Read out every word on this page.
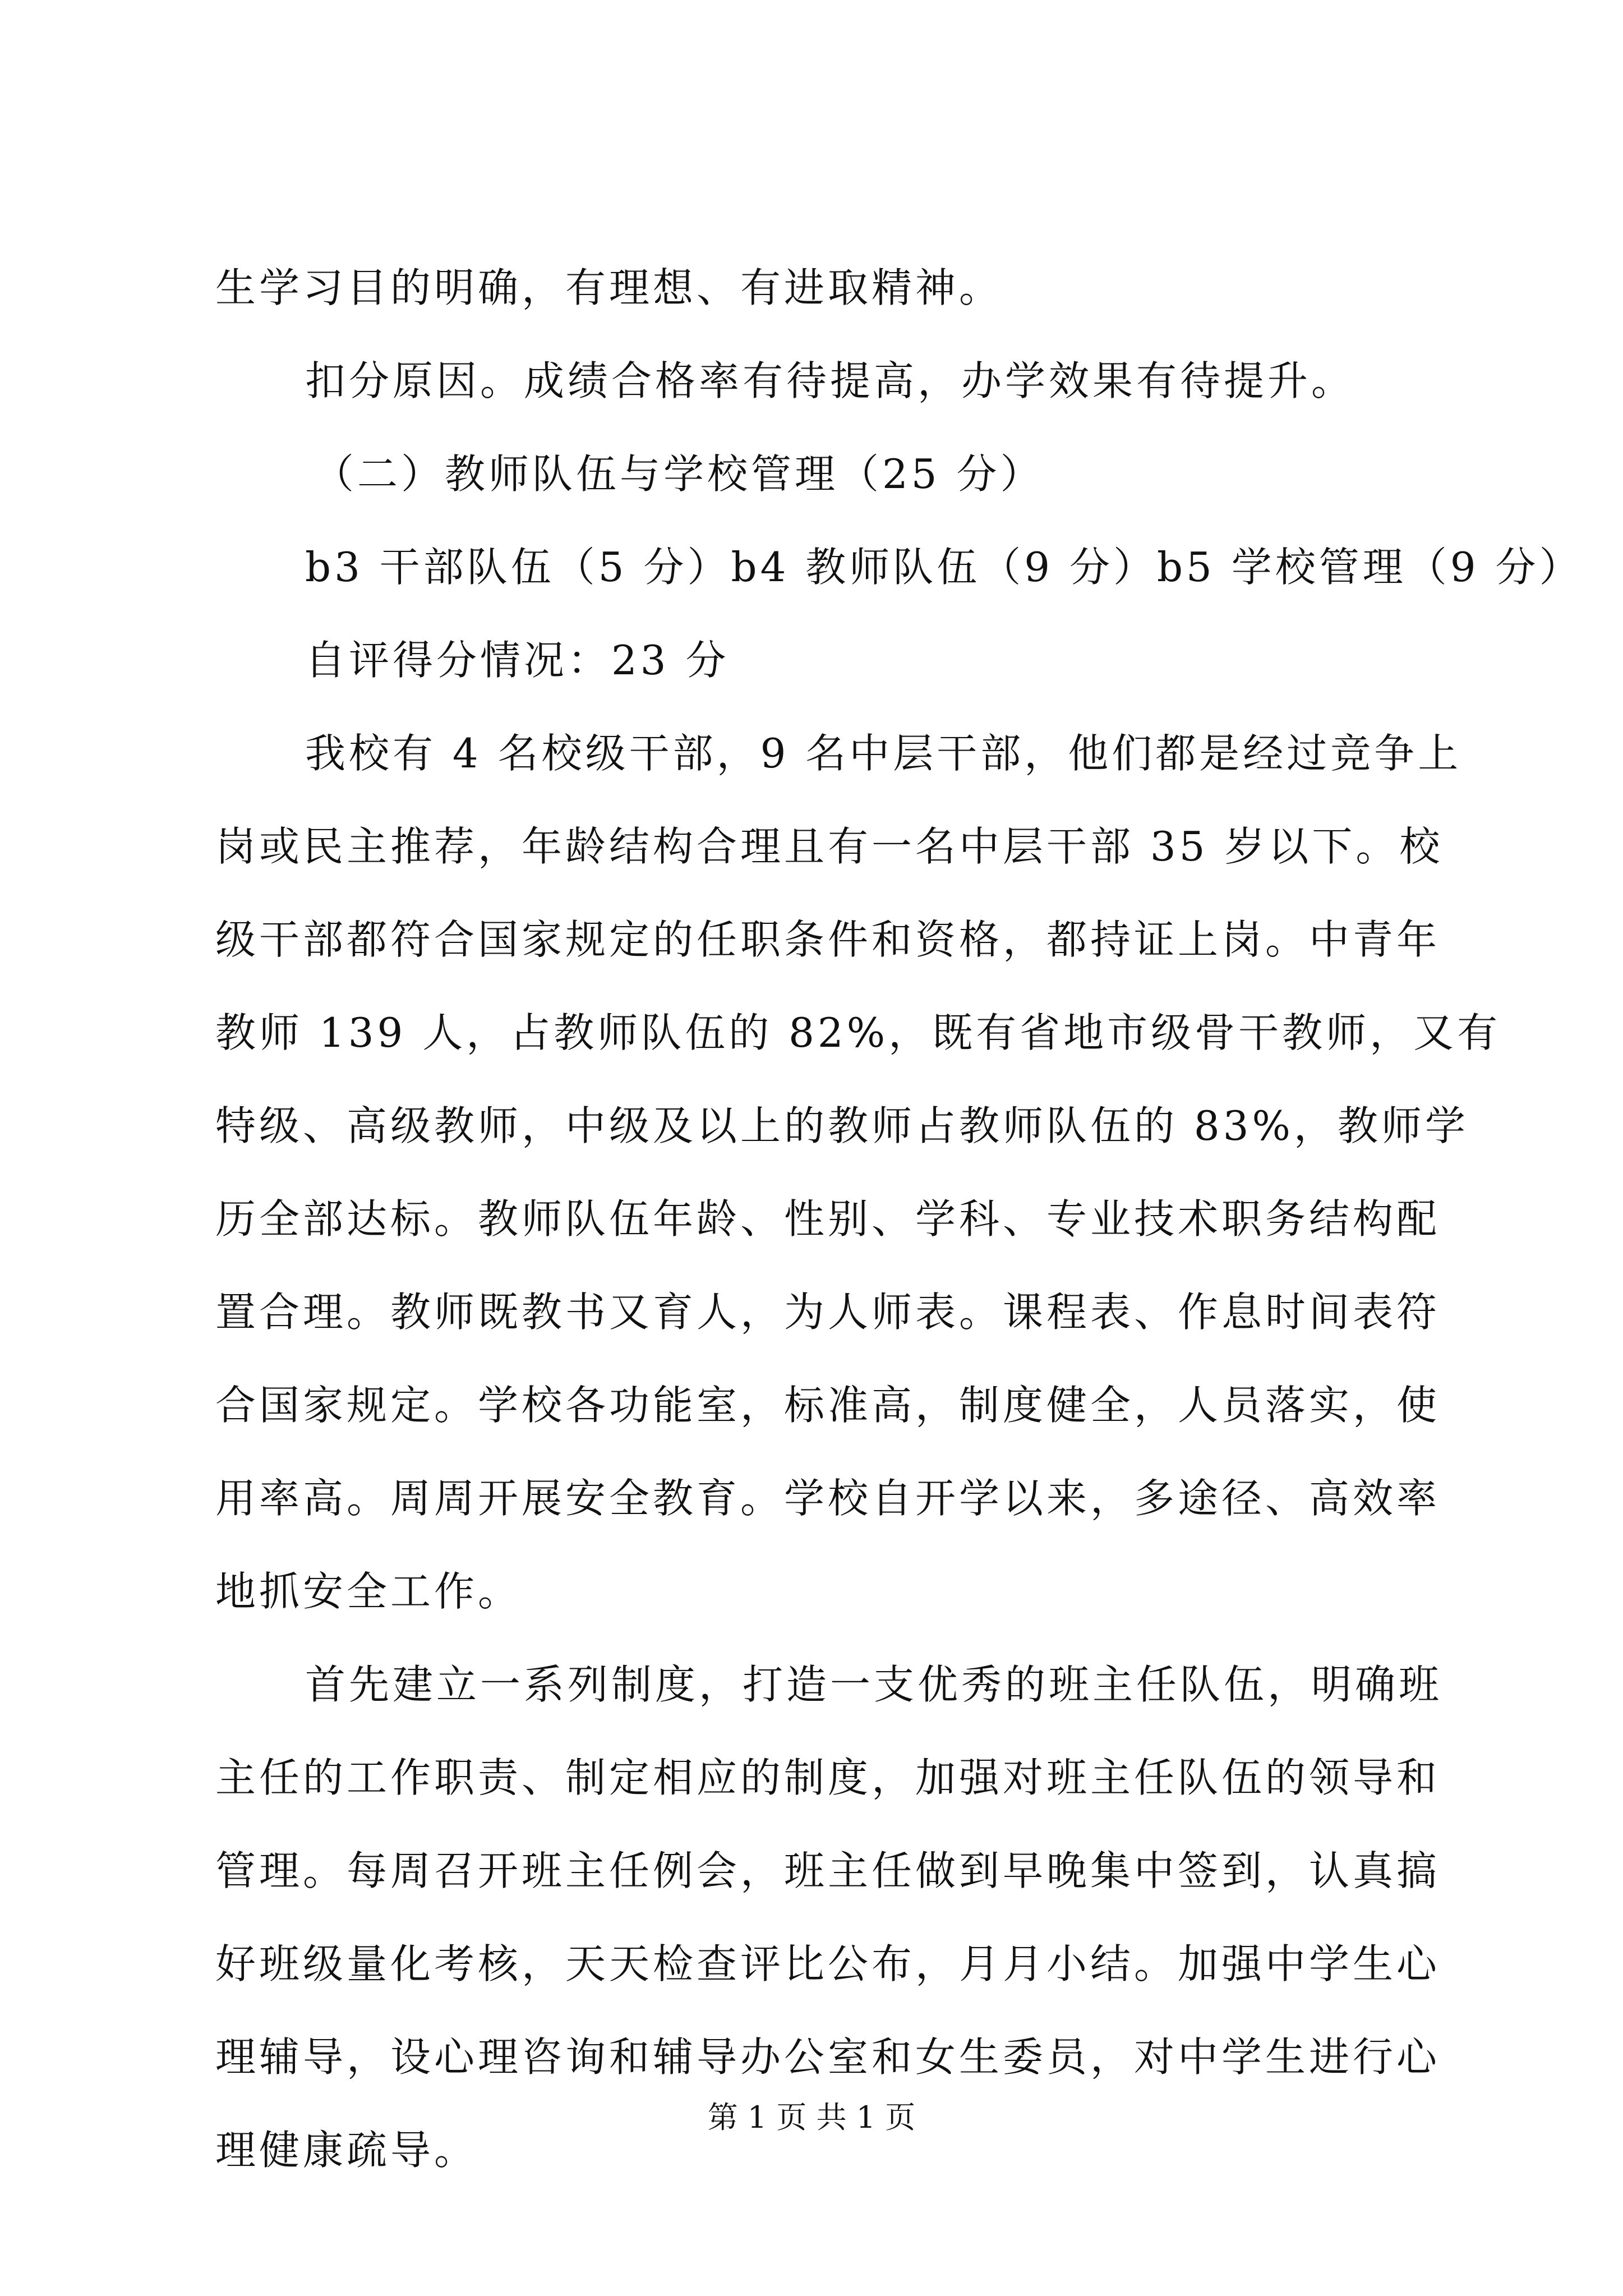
生学习目的明确，有理想、有进取精神。
扣分原因。成绩合格率有待提高，办学效果有待提升。
（二）教师队伍与学校管理（25 分）
b3 干部队伍（5 分）b4 教师队伍（9 分）b5 学校管理（9 分）
自评得分情况：23 分
我校有 4 名校级干部，9 名中层干部，他们都是经过竞争上
岗或民主推荐，年龄结构合理且有一名中层干部 35 岁以下。校
级干部都符合国家规定的任职条件和资格，都持证上岗。中青年
教师 139 人，占教师队伍的 82%，既有省地市级骨干教师，又有
特级、高级教师，中级及以上的教师占教师队伍的 83%，教师学
历全部达标。教师队伍年龄、性别、学科、专业技术职务结构配
置合理。教师既教书又育人，为人师表。课程表、作息时间表符
合国家规定。学校各功能室，标准高，制度健全，人员落实，使
用率高。周周开展安全教育。学校自开学以来，多途径、高效率
地抓安全工作。
首先建立一系列制度，打造一支优秀的班主任队伍，明确班
主任的工作职责、制定相应的制度，加强对班主任队伍的领导和
管理。每周召开班主任例会，班主任做到早晚集中签到，认真搞
好班级量化考核，天天检查评比公布，月月小结。加强中学生心
理辅导，设心理咨询和辅导办公室和女生委员，对中学生进行心
理健康疏导。
第 1 页 共 1 页
